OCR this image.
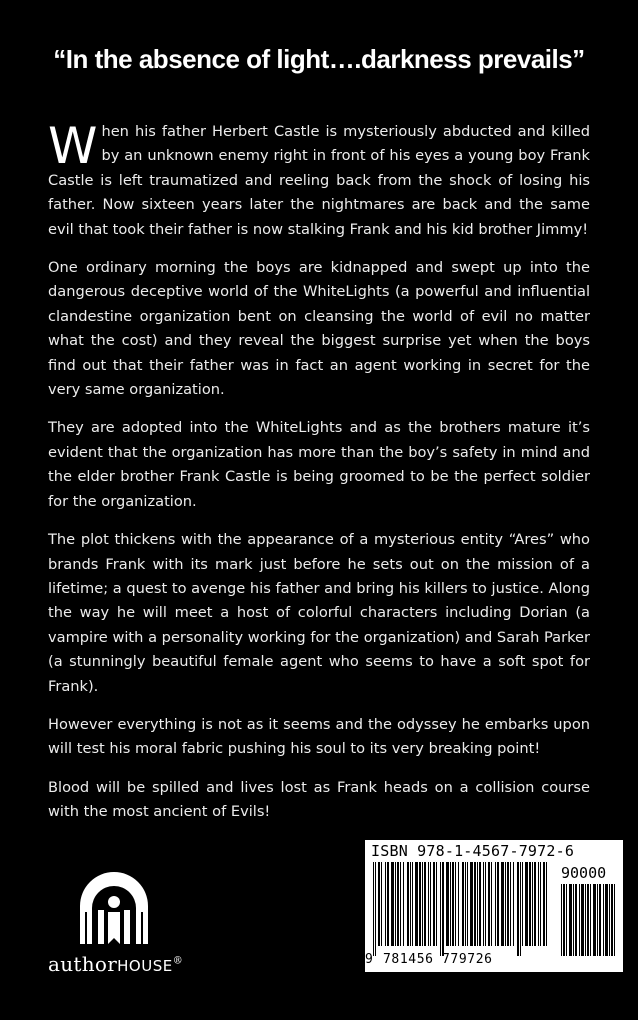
“In the absence of light….darkness prevails”

When his father Herbert Castle is mysteriously abducted and killed by an unknown enemy right in front of his eyes a young boy Frank Castle is left traumatized and reeling back from the shock of losing his father. Now sixteen years later the nightmares are back and the same evil that took their father is now stalking Frank and his kid brother Jimmy!

One ordinary morning the boys are kidnapped and swept up into the dangerous deceptive world of the WhiteLights (a powerful and influential clandestine organization bent on cleansing the world of evil no matter what the cost) and they reveal the biggest surprise yet when the boys find out that their father was in fact an agent working in secret for the very same organization.

They are adopted into the WhiteLights and as the brothers mature it’s evident that the organization has more than the boy’s safety in mind and the elder brother Frank Castle is being groomed to be the perfect soldier for the organization.

The plot thickens with the appearance of a mysterious entity “Ares” who brands Frank with its mark just before he sets out on the mission of a lifetime; a quest to avenge his father and bring his killers to justice. Along the way he will meet a host of colorful characters including Dorian (a vampire with a personality working for the organization) and Sarah Parker (a stunningly beautiful female agent who seems to have a soft spot for Frank).

However everything is not as it seems and the odyssey he embarks upon will test his moral fabric pushing his soul to its very breaking point!

Blood will be spilled and lives lost as Frank heads on a collision course with the most ancient of Evils!

authorHOUSE®
ISBN 978-1-4567-7972-6
90000
9 781456 779726
